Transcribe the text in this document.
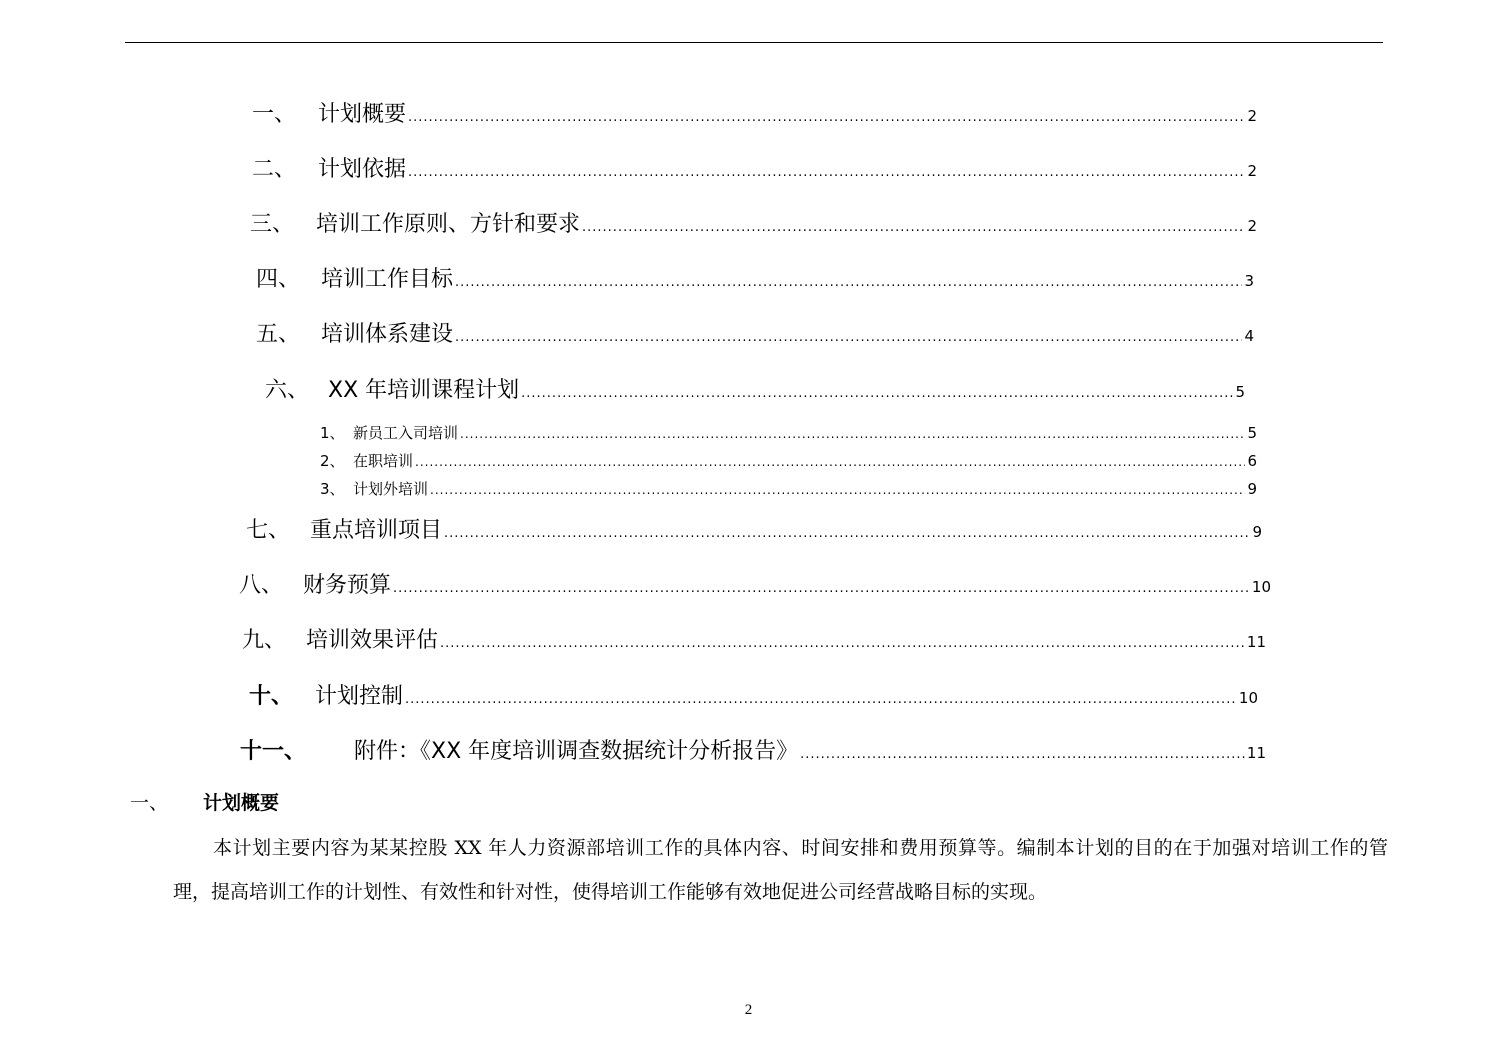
一、 计划概要 .....	2
二、 计划依据 .....	2
三、 培训工作原则、方针和要求 .....	2
四、 培训工作目标 .....	3
五、 培训体系建设 .....	4
六、 XX 年培训课程计划 .....	5
1、 新员工入司培训 .....	5
2、 在职培训 .....	6
3、 计划外培训 .....	9
七、 重点培训项目 .....	9
八、 财务预算 .....	10
九、 培训效果评估 .....	11
十、 计划控制 .....	10
十一、	附件：《XX 年度培训调查数据统计分析报告》 .....	11
一、	计划概要
本计划主要内容为某某控股 XX 年人力资源部培训工作的具体内容、时间安排和费用预算等。编制本计划的目的在于加强对培训工作的管理，提高培训工作的计划性、有效性和针对性，使得培训工作能够有效地促进公司经营战略目标的实现。
2
